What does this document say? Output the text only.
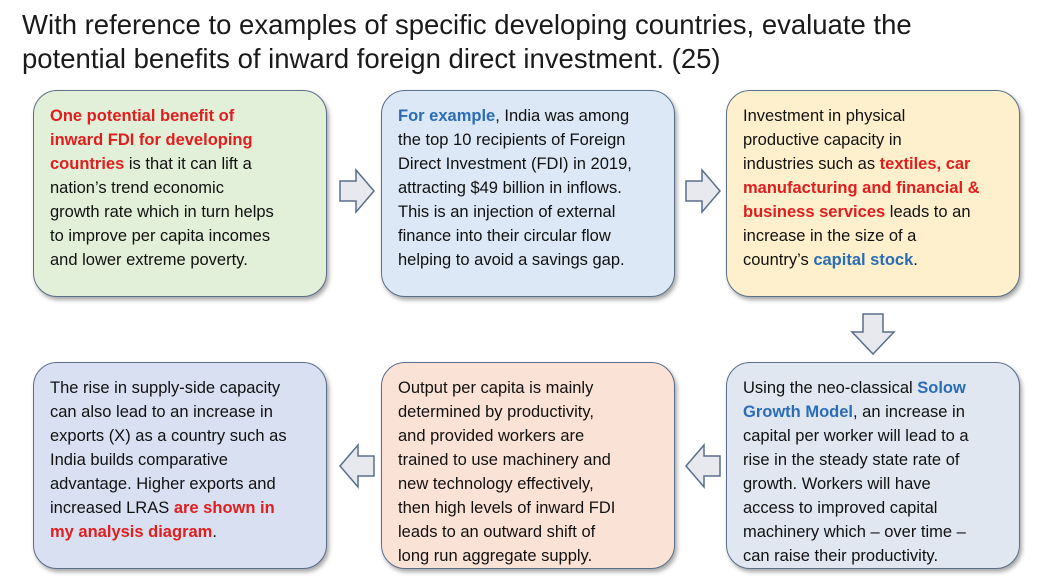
With reference to examples of specific developing countries, evaluate the
potential benefits of inward foreign direct investment. (25)
One potential benefit of
inward FDI for developing
countries is that it can lift a
nation’s trend economic
growth rate which in turn helps
to improve per capita incomes
and lower extreme poverty.
For example, India was among
the top 10 recipients of Foreign
Direct Investment (FDI) in 2019,
attracting $49 billion in inflows.
This is an injection of external
finance into their circular flow
helping to avoid a savings gap.
Investment in physical
productive capacity in
industries such as textiles, car
manufacturing and financial &
business services leads to an
increase in the size of a
country’s capital stock.
Using the neo-classical Solow
Growth Model, an increase in
capital per worker will lead to a
rise in the steady state rate of
growth. Workers will have
access to improved capital
machinery which – over time –
can raise their productivity.
Output per capita is mainly
determined by productivity,
and provided workers are
trained to use machinery and
new technology effectively,
then high levels of inward FDI
leads to an outward shift of
long run aggregate supply.
The rise in supply-side capacity
can also lead to an increase in
exports (X) as a country such as
India builds comparative
advantage. Higher exports and
increased LRAS are shown in
my analysis diagram.
